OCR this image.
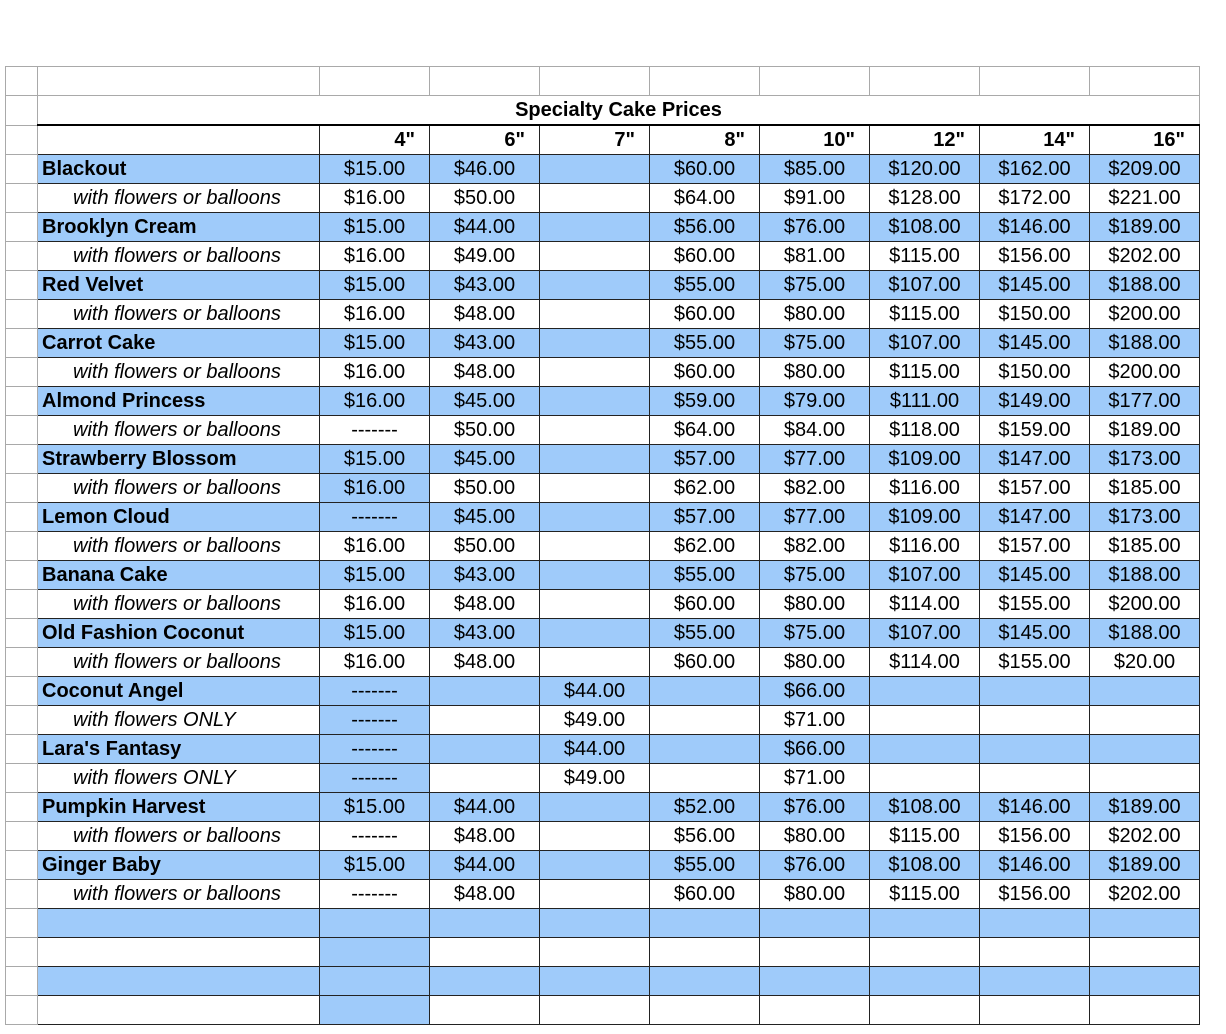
	Specialty Cake Prices								
		4"	6"	7"	8"	10"	12"	14"	16"
	Blackout	$15.00	$46.00		$60.00	$85.00	$120.00	$162.00	$209.00
	with flowers or balloons	$16.00	$50.00		$64.00	$91.00	$128.00	$172.00	$221.00
	Brooklyn Cream	$15.00	$44.00		$56.00	$76.00	$108.00	$146.00	$189.00
	with flowers or balloons	$16.00	$49.00		$60.00	$81.00	$115.00	$156.00	$202.00
	Red Velvet	$15.00	$43.00		$55.00	$75.00	$107.00	$145.00	$188.00
	with flowers or balloons	$16.00	$48.00		$60.00	$80.00	$115.00	$150.00	$200.00
	Carrot Cake	$15.00	$43.00		$55.00	$75.00	$107.00	$145.00	$188.00
	with flowers or balloons	$16.00	$48.00		$60.00	$80.00	$115.00	$150.00	$200.00
	Almond Princess	$16.00	$45.00		$59.00	$79.00	$111.00	$149.00	$177.00
	with flowers or balloons	-------	$50.00		$64.00	$84.00	$118.00	$159.00	$189.00
	Strawberry Blossom	$15.00	$45.00		$57.00	$77.00	$109.00	$147.00	$173.00
	with flowers or balloons	$16.00	$50.00		$62.00	$82.00	$116.00	$157.00	$185.00
	Lemon Cloud	-------	$45.00		$57.00	$77.00	$109.00	$147.00	$173.00
	with flowers or balloons	$16.00	$50.00		$62.00	$82.00	$116.00	$157.00	$185.00
	Banana Cake	$15.00	$43.00		$55.00	$75.00	$107.00	$145.00	$188.00
	with flowers or balloons	$16.00	$48.00		$60.00	$80.00	$114.00	$155.00	$200.00
	Old Fashion Coconut	$15.00	$43.00		$55.00	$75.00	$107.00	$145.00	$188.00
	with flowers or balloons	$16.00	$48.00		$60.00	$80.00	$114.00	$155.00	$20.00
	Coconut Angel	-------		$44.00		$66.00			
	with flowers ONLY	-------		$49.00		$71.00			
	Lara's Fantasy	-------		$44.00		$66.00			
	with flowers ONLY	-------		$49.00		$71.00			
	Pumpkin Harvest	$15.00	$44.00		$52.00	$76.00	$108.00	$146.00	$189.00
	with flowers or balloons	-------	$48.00		$56.00	$80.00	$115.00	$156.00	$202.00
	Ginger Baby	$15.00	$44.00		$55.00	$76.00	$108.00	$146.00	$189.00
	with flowers or balloons	-------	$48.00		$60.00	$80.00	$115.00	$156.00	$202.00
